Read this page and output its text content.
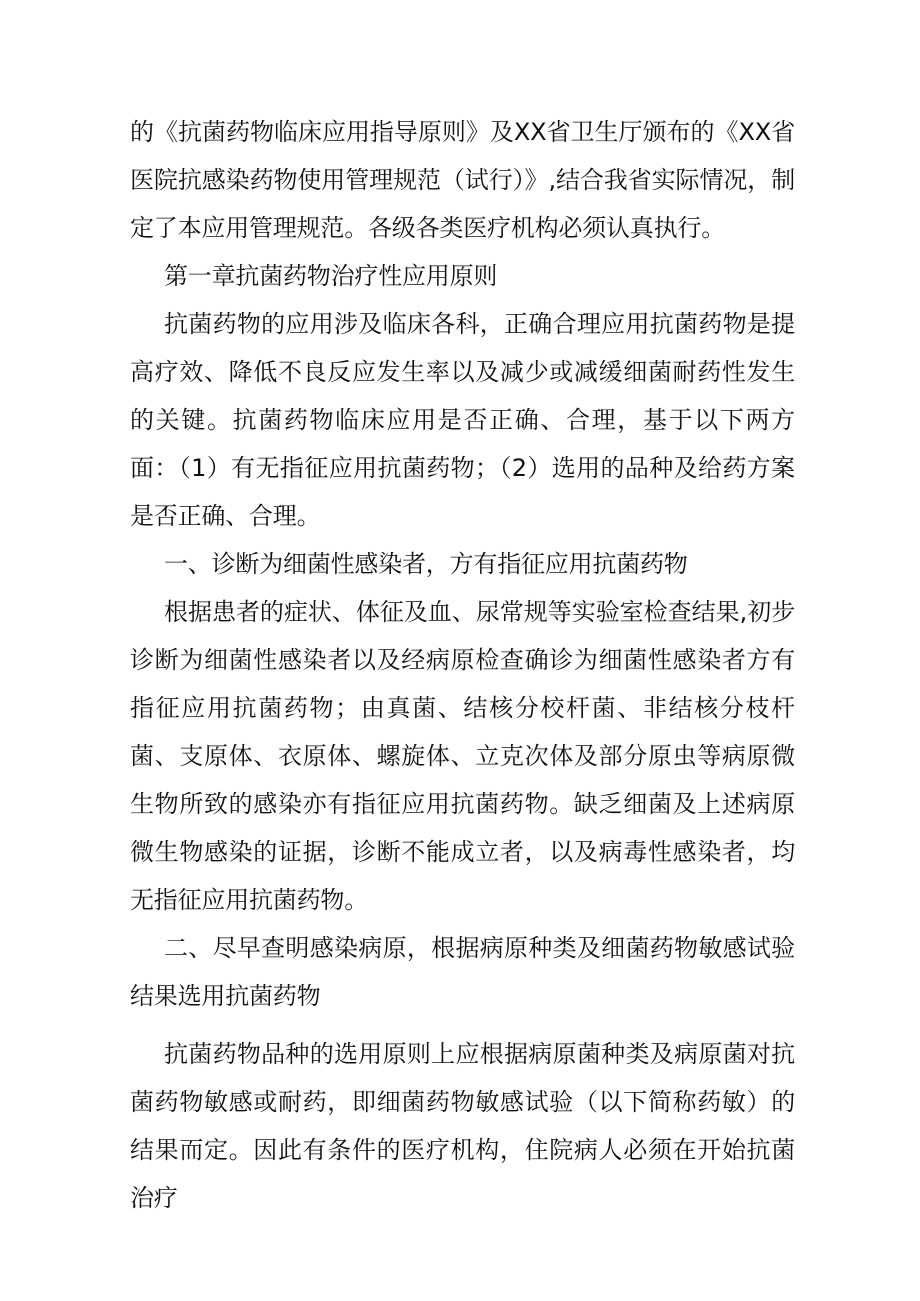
的《抗菌药物临床应用指导原则》及XX省卫生厅颁布的《XX省医院抗感染药物使用管理规范（试行）》,结合我省实际情况，制定了本应用管理规范。各级各类医疗机构必须认真执行。

第一章抗菌药物治疗性应用原则

抗菌药物的应用涉及临床各科，正确合理应用抗菌药物是提高疗效、降低不良反应发生率以及减少或减缓细菌耐药性发生的关键。抗菌药物临床应用是否正确、合理，基于以下两方面：（1）有无指征应用抗菌药物；（2）选用的品种及给药方案是否正确、合理。

一、诊断为细菌性感染者，方有指征应用抗菌药物

根据患者的症状、体征及血、尿常规等实验室检查结果,初步诊断为细菌性感染者以及经病原检查确诊为细菌性感染者方有指征应用抗菌药物；由真菌、结核分校杆菌、非结核分枝杆菌、支原体、衣原体、螺旋体、立克次体及部分原虫等病原微生物所致的感染亦有指征应用抗菌药物。缺乏细菌及上述病原微生物感染的证据，诊断不能成立者，以及病毒性感染者，均无指征应用抗菌药物。

二、尽早查明感染病原，根据病原种类及细菌药物敏感试验结果选用抗菌药物

抗菌药物品种的选用原则上应根据病原菌种类及病原菌对抗菌药物敏感或耐药，即细菌药物敏感试验（以下简称药敏）的结果而定。因此有条件的医疗机构，住院病人必须在开始抗菌治疗
